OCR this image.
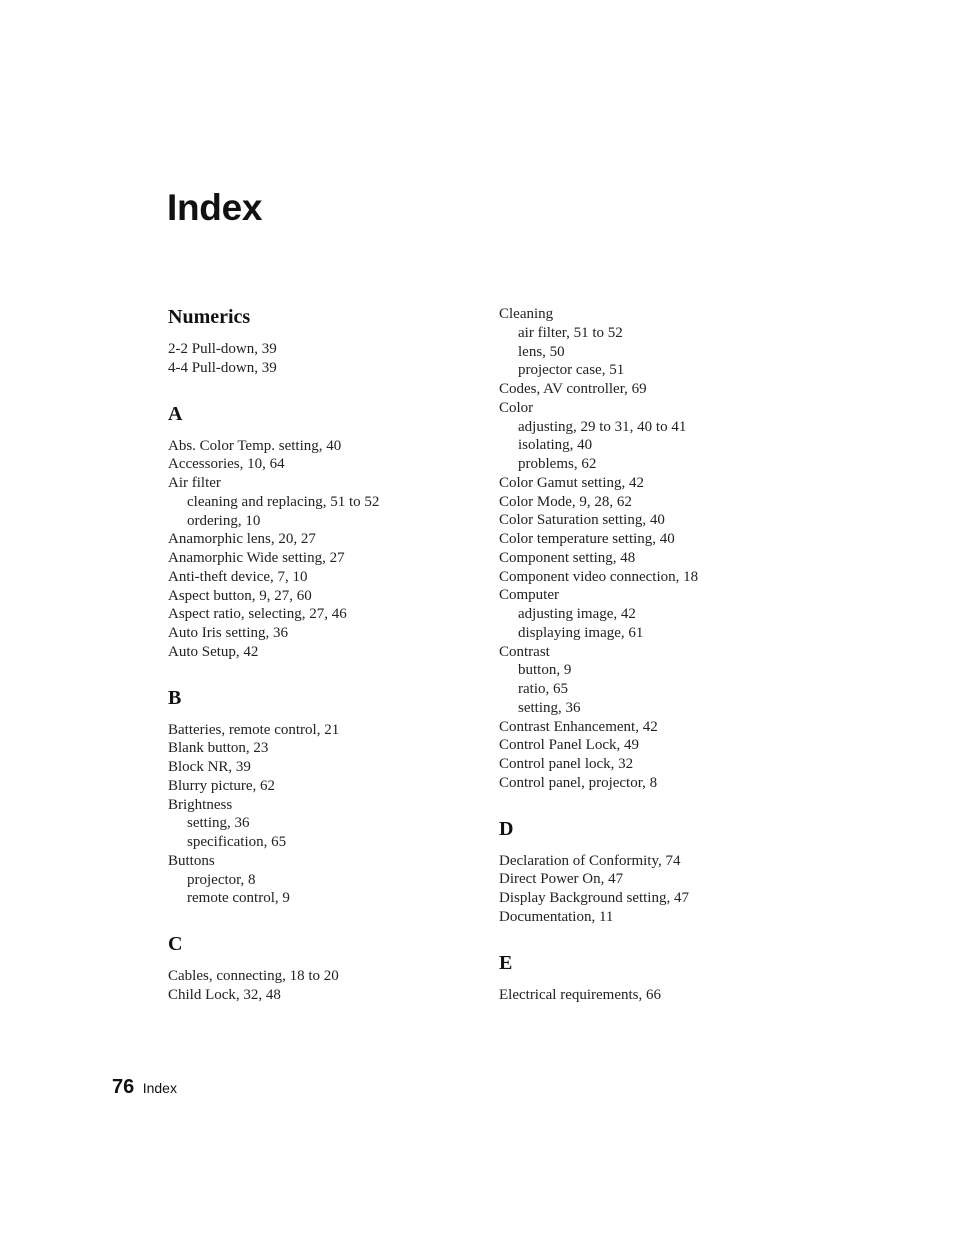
Index
Numerics
2-2 Pull-down, 39
4-4 Pull-down, 39
A
Abs. Color Temp. setting, 40
Accessories, 10, 64
Air filter
cleaning and replacing, 51 to 52
ordering, 10
Anamorphic lens, 20, 27
Anamorphic Wide setting, 27
Anti-theft device, 7, 10
Aspect button, 9, 27, 60
Aspect ratio, selecting, 27, 46
Auto Iris setting, 36
Auto Setup, 42
B
Batteries, remote control, 21
Blank button, 23
Block NR, 39
Blurry picture, 62
Brightness
setting, 36
specification, 65
Buttons
projector, 8
remote control, 9
C
Cables, connecting, 18 to 20
Child Lock, 32, 48
Cleaning
air filter, 51 to 52
lens, 50
projector case, 51
Codes, AV controller, 69
Color
adjusting, 29 to 31, 40 to 41
isolating, 40
problems, 62
Color Gamut setting, 42
Color Mode, 9, 28, 62
Color Saturation setting, 40
Color temperature setting, 40
Component setting, 48
Component video connection, 18
Computer
adjusting image, 42
displaying image, 61
Contrast
button, 9
ratio, 65
setting, 36
Contrast Enhancement, 42
Control Panel Lock, 49
Control panel lock, 32
Control panel, projector, 8
D
Declaration of Conformity, 74
Direct Power On, 47
Display Background setting, 47
Documentation, 11
E
Electrical requirements, 66
76 Index
